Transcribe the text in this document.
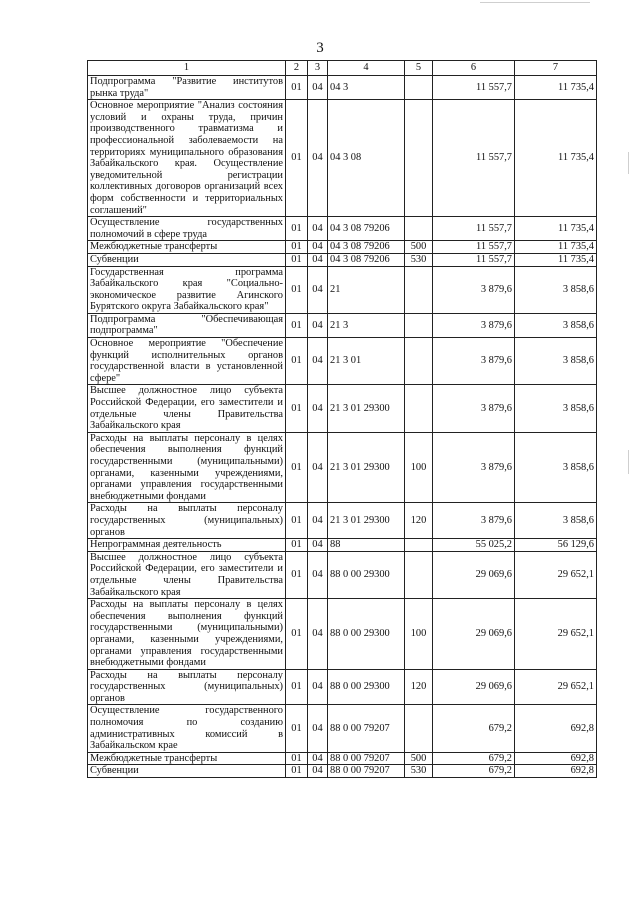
3
1	2	3	4	5	6	7
Подпрограмма "Развитие институтов рынка труда"	01	04	04 3		11 557,7	11 735,4
Основное мероприятие "Анализ состояния условий и охраны труда, причин производственного травматизма и профессиональной заболеваемости на территориях муниципального образования Забайкальского края. Осуществление уведомительной регистрации коллективных договоров организаций всех форм собственности и территориальных соглашений"	01	04	04 3 08		11 557,7	11 735,4
Осуществление государственных полномочий в сфере труда	01	04	04 3 08 79206		11 557,7	11 735,4
Межбюджетные трансферты	01	04	04 3 08 79206	500	11 557,7	11 735,4
Субвенции	01	04	04 3 08 79206	530	11 557,7	11 735,4
Государственная программа Забайкальского края "Социально-экономическое развитие Агинского Бурятского округа Забайкальского края"	01	04	21		3 879,6	3 858,6
Подпрограмма "Обеспечивающая подпрограмма"	01	04	21 3		3 879,6	3 858,6
Основное мероприятие "Обеспечение функций исполнительных органов государственной власти в установленной сфере"	01	04	21 3 01		3 879,6	3 858,6
Высшее должностное лицо субъекта Российской Федерации, его заместители и отдельные члены Правительства Забайкальского края	01	04	21 3 01 29300		3 879,6	3 858,6
Расходы на выплаты персоналу в целях обеспечения выполнения функций государственными (муниципальными) органами, казенными учреждениями, органами управления государственными внебюджетными фондами	01	04	21 3 01 29300	100	3 879,6	3 858,6
Расходы на выплаты персоналу государственных (муниципальных) органов	01	04	21 3 01 29300	120	3 879,6	3 858,6
Непрограммная деятельность	01	04	88		55 025,2	56 129,6
Высшее должностное лицо субъекта Российской Федерации, его заместители и отдельные члены Правительства Забайкальского края	01	04	88 0 00 29300		29 069,6	29 652,1
Расходы на выплаты персоналу в целях обеспечения выполнения функций государственными (муниципальными) органами, казенными учреждениями, органами управления государственными внебюджетными фондами	01	04	88 0 00 29300	100	29 069,6	29 652,1
Расходы на выплаты персоналу государственных (муниципальных) органов	01	04	88 0 00 29300	120	29 069,6	29 652,1
Осуществление государственного полномочия по созданию административных комиссий в Забайкальском крае	01	04	88 0 00 79207		679,2	692,8
Межбюджетные трансферты	01	04	88 0 00 79207	500	679,2	692,8
Субвенции	01	04	88 0 00 79207	530	679,2	692,8
